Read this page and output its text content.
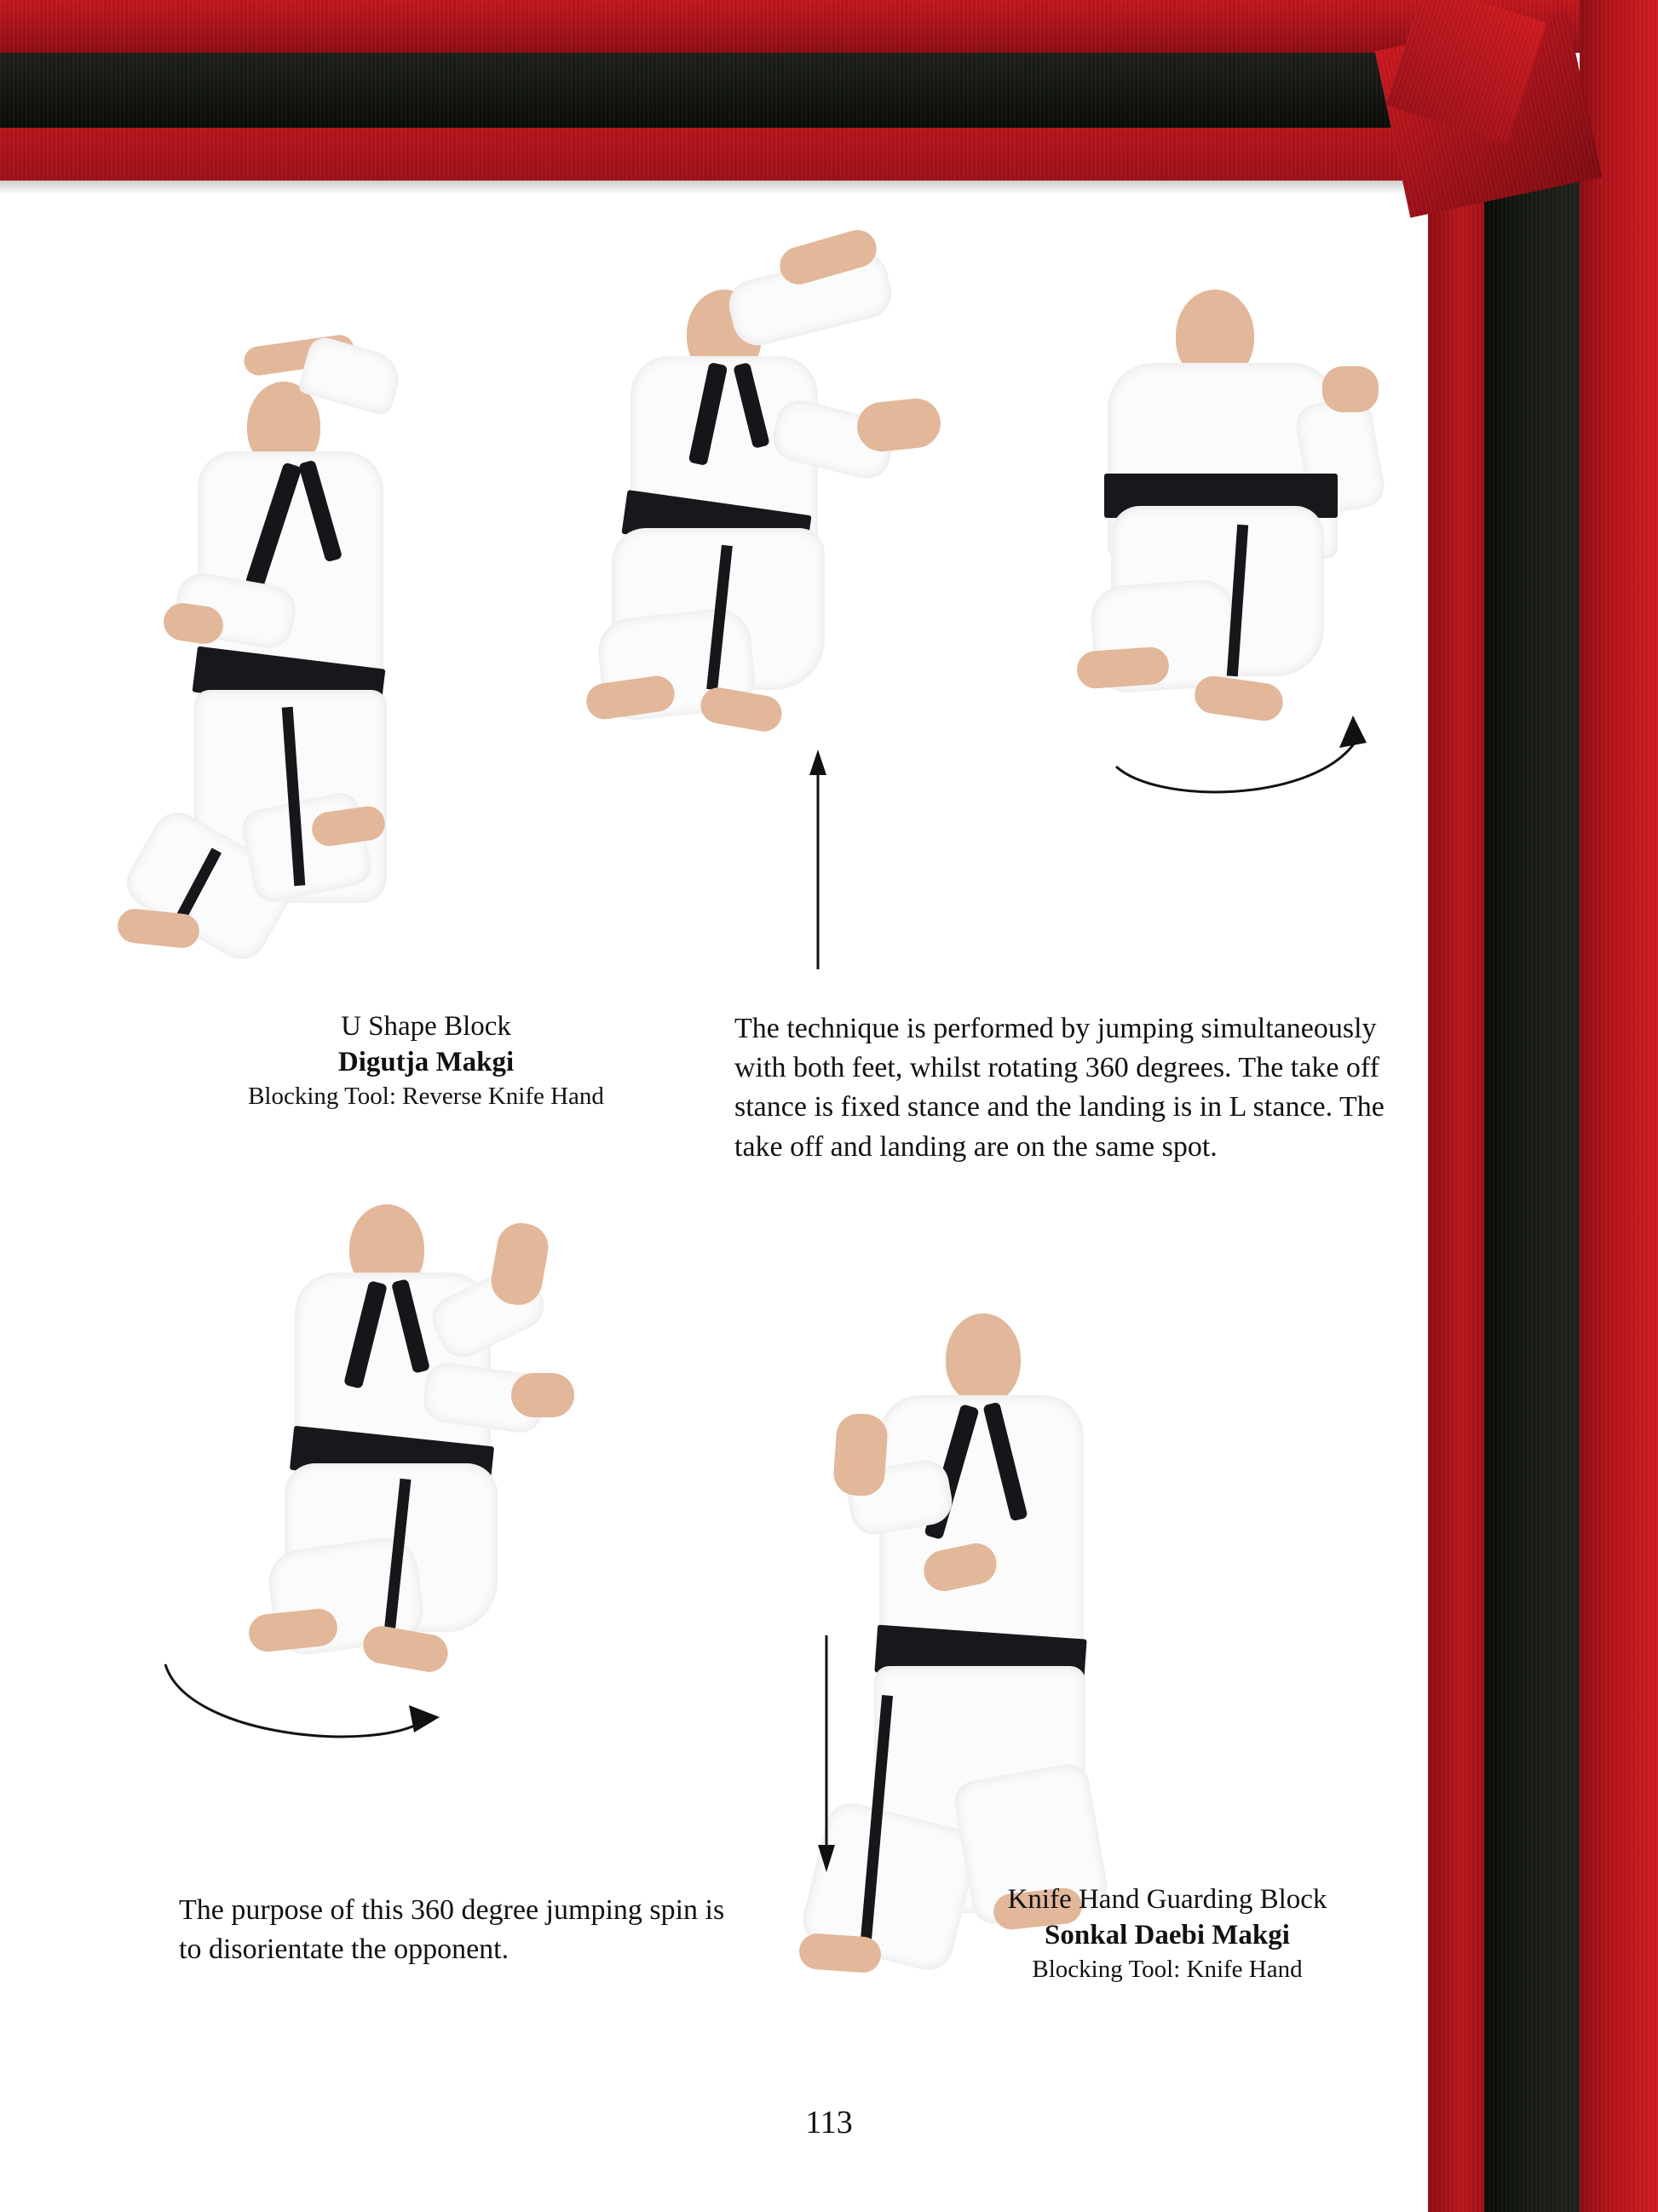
U Shape Block
Digutja Makgi
Blocking Tool: Reverse Knife Hand
The technique is performed by jumping simultaneously with both feet, whilst rotating 360 degrees. The take off stance is fixed stance and the landing is in L stance. The take off and landing are on the same spot.
The purpose of this 360 degree jumping spin is to disorientate the opponent.
Knife Hand Guarding Block
Sonkal Daebi Makgi
Blocking Tool: Knife Hand
113
